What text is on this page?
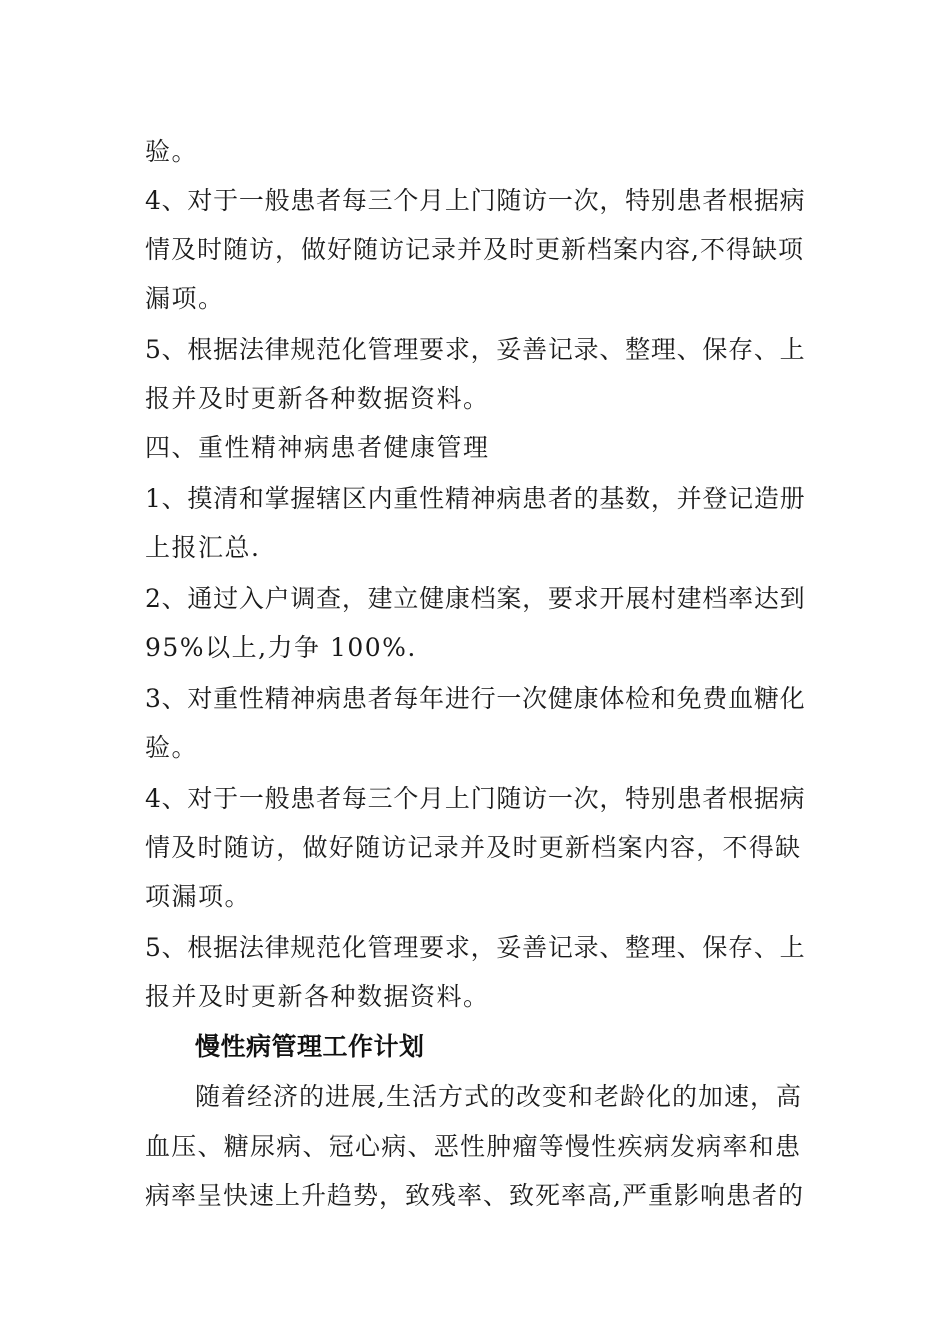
验。

4、对于一般患者每三个月上门随访一次，特别患者根据病

情及时随访，做好随访记录并及时更新档案内容,不得缺项

漏项。

5、根据法律规范化管理要求，妥善记录、整理、保存、上

报并及时更新各种数据资料。

四、重性精神病患者健康管理

1、摸清和掌握辖区内重性精神病患者的基数，并登记造册

上报汇总.

2、通过入户调查，建立健康档案，要求开展村建档率达到

95%以上,力争 100%.

3、对重性精神病患者每年进行一次健康体检和免费血糖化

验。

4、对于一般患者每三个月上门随访一次，特别患者根据病

情及时随访，做好随访记录并及时更新档案内容，不得缺

项漏项。

5、根据法律规范化管理要求，妥善记录、整理、保存、上

报并及时更新各种数据资料。

慢性病管理工作计划

随着经济的进展,生活方式的改变和老龄化的加速，高

血压、糖尿病、冠心病、恶性肿瘤等慢性疾病发病率和患

病率呈快速上升趋势，致残率、致死率高,严重影响患者的
